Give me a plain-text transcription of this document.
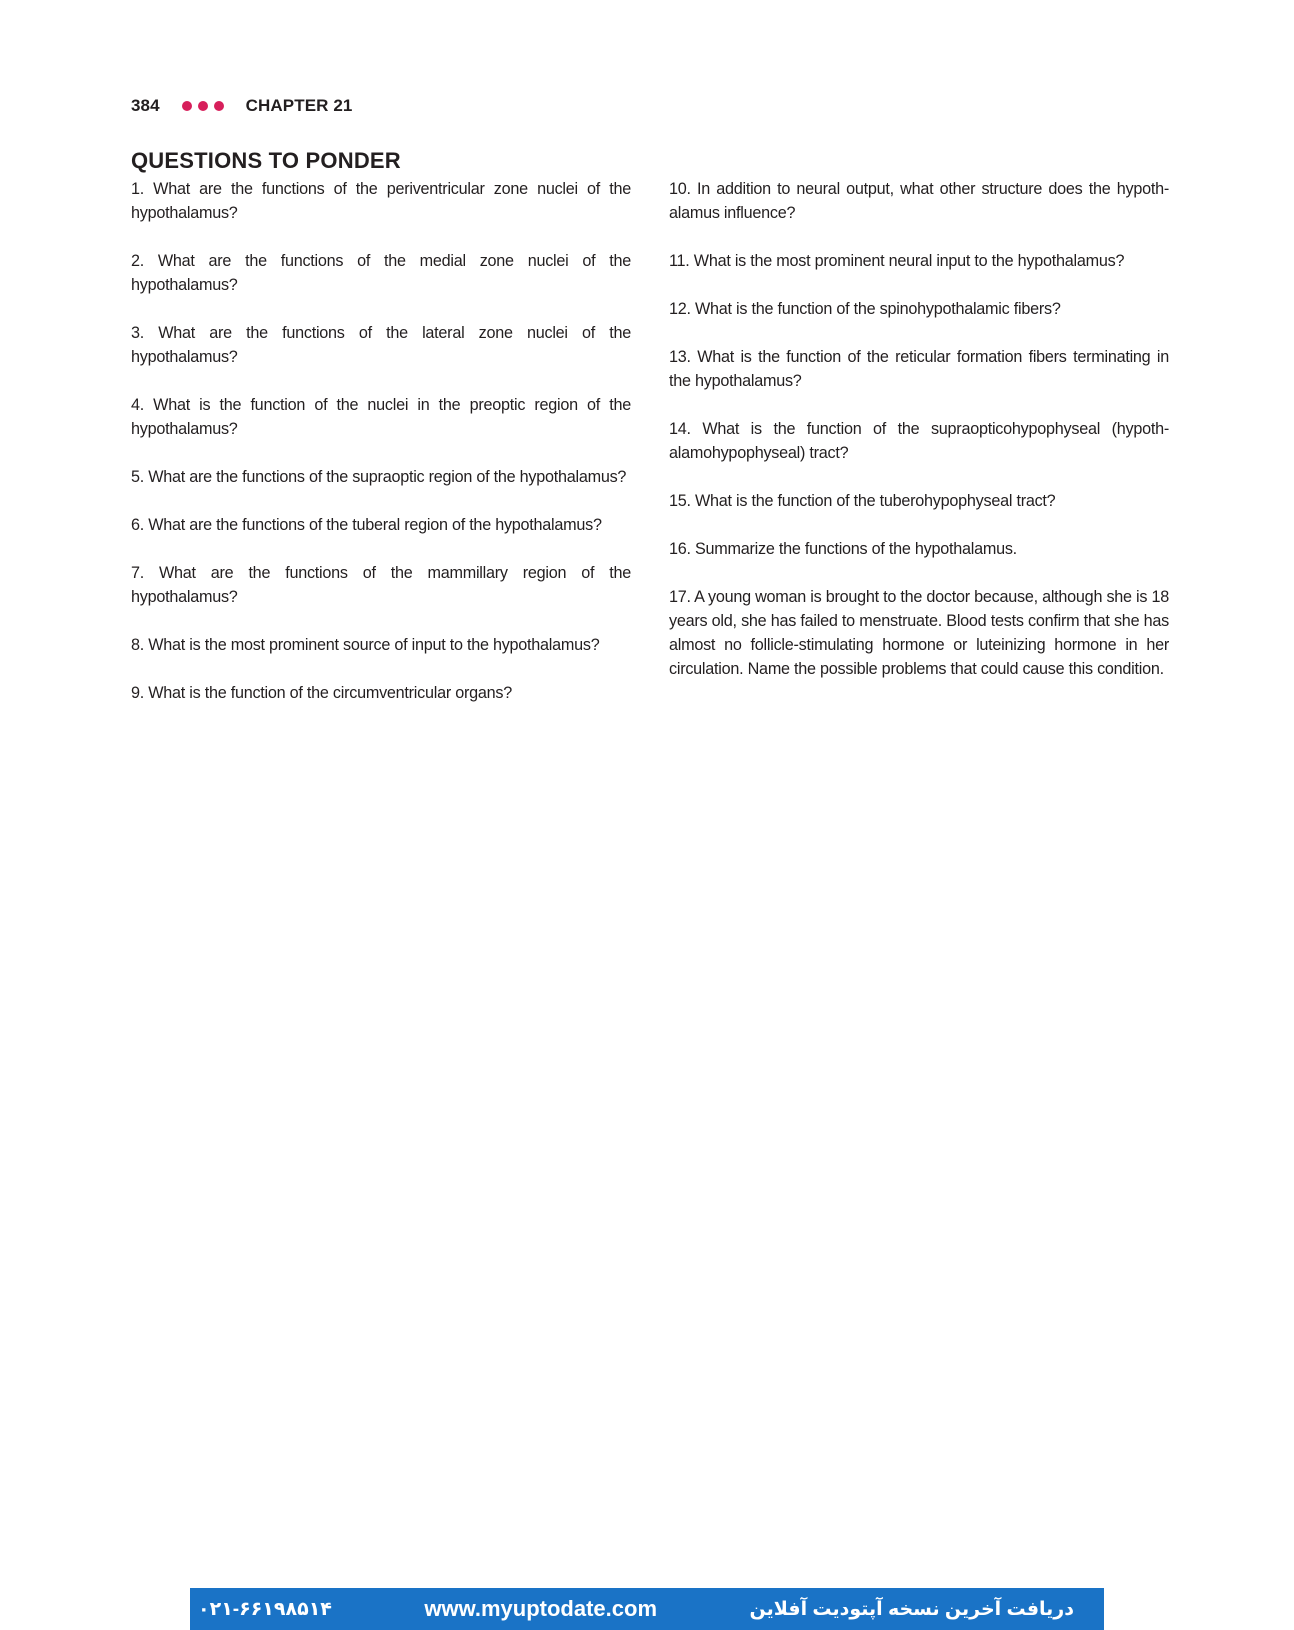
384	CHAPTER 21
QUESTIONS TO PONDER

1. What are the functions of the periventricular zone nuclei of the hypothalamus?

2. What are the functions of the medial zone nuclei of the hypothalamus?

3. What are the functions of the lateral zone nuclei of the hypothalamus?

4. What is the function of the nuclei in the preoptic region of the hypothalamus?

5. What are the functions of the supraoptic region of the hypothalamus?

6. What are the functions of the tuberal region of the hypothalamus?

7. What are the functions of the mammillary region of the hypothalamus?

8. What is the most prominent source of input to the hypothalamus?

9. What is the function of the circumventricular organs?

10. In addition to neural output, what other structure does the hypoth-alamus influence?

11. What is the most prominent neural input to the hypothalamus?

12. What is the function of the spinohypothalamic fibers?

13. What is the function of the reticular formation fibers terminating in the hypothalamus?

14. What is the function of the supraopticohypophyseal (hypoth-alamohypophyseal) tract?

15. What is the function of the tuberohypophyseal tract?

16. Summarize the functions of the hypothalamus.

17. A young woman is brought to the doctor because, although she is 18 years old, she has failed to menstruate. Blood tests confirm that she has almost no follicle-stimulating hormone or luteinizing hormone in her circulation. Name the possible problems that could cause this condition.

۰۲۱-۶۶۱۹۸۵۱۴	www.myuptodate.com	دریافت آخرین نسخه آپتودیت آفلاین
